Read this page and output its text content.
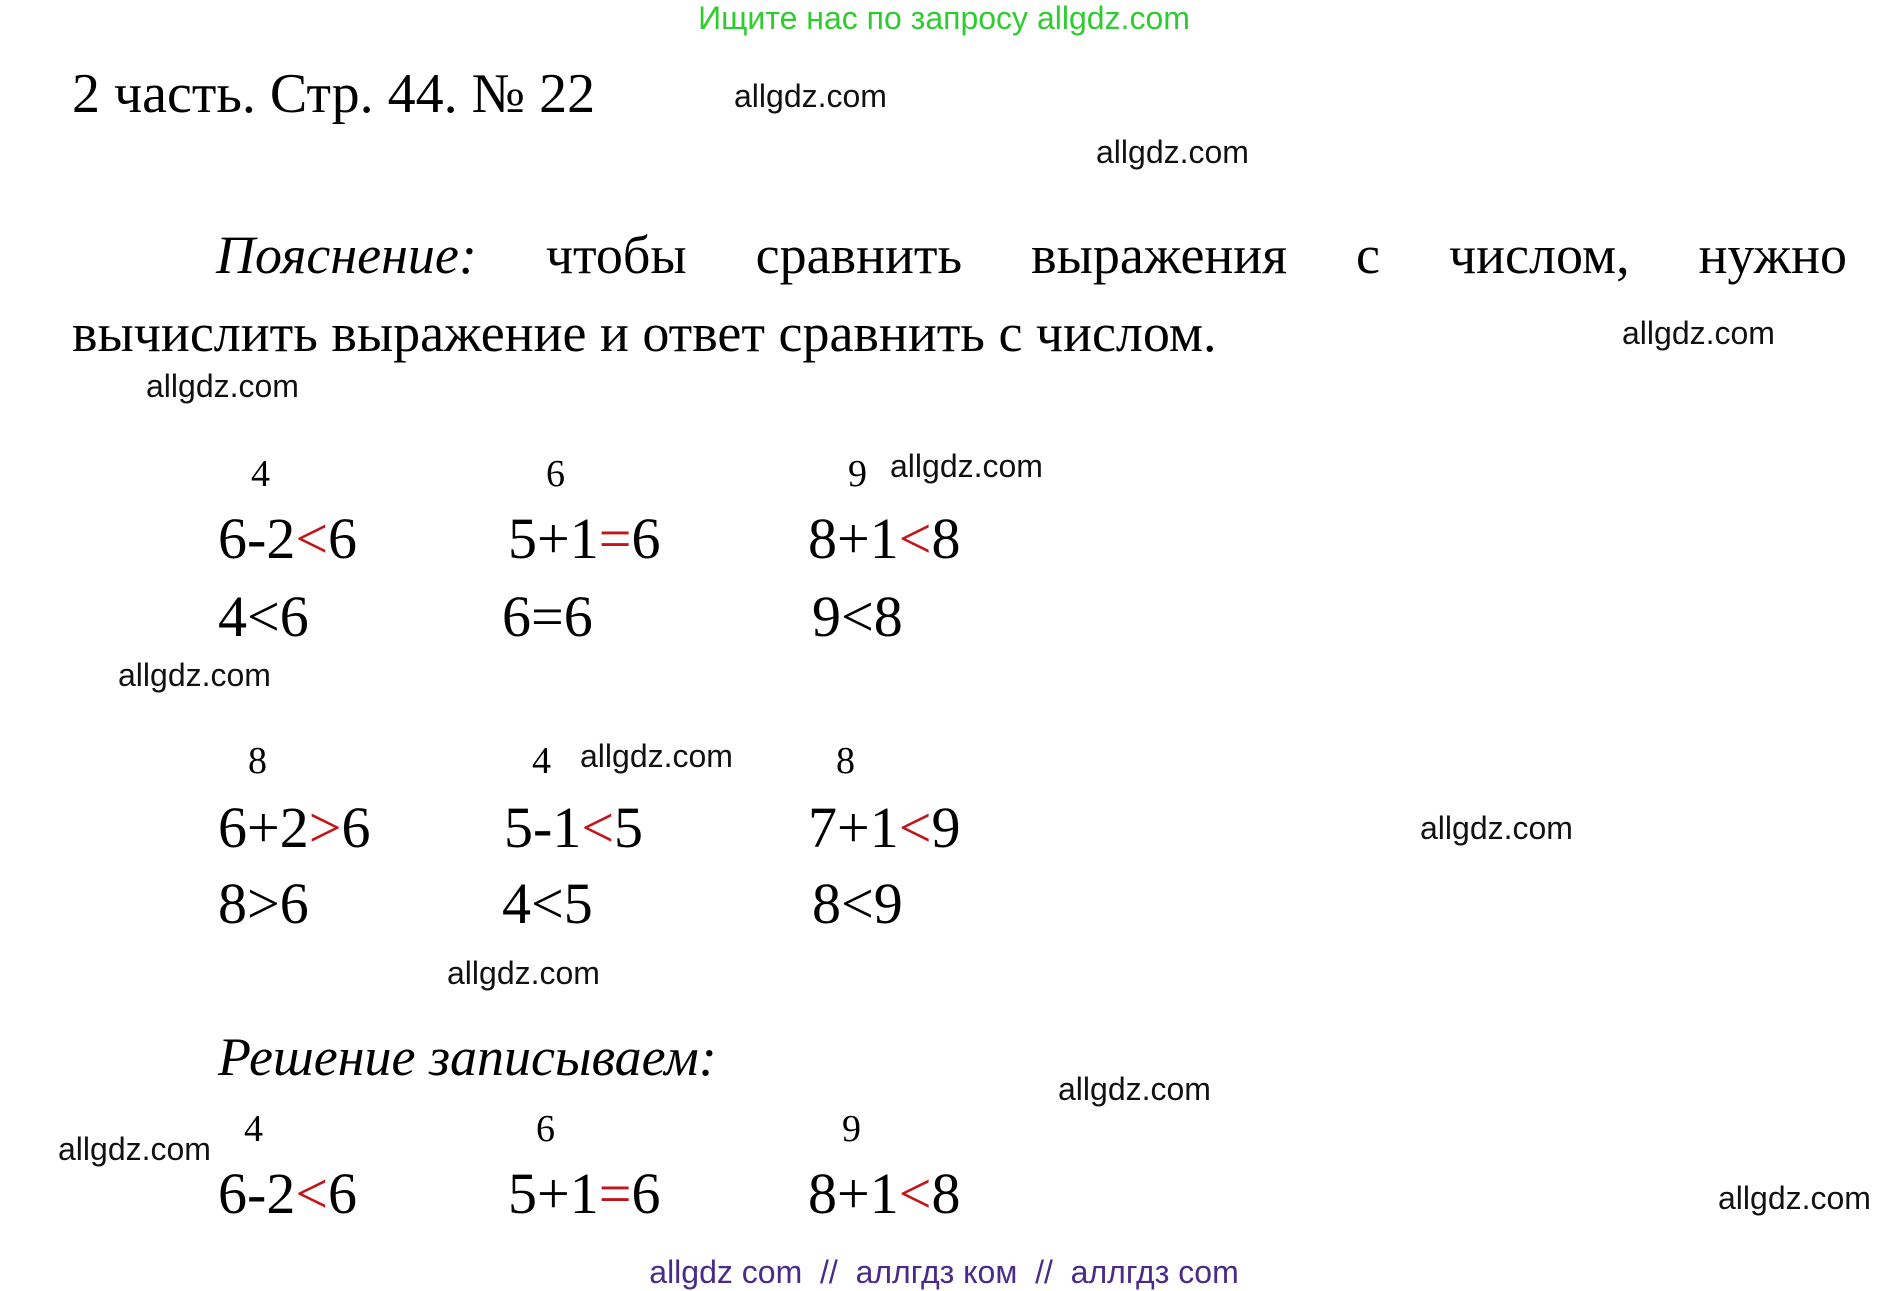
Ищите нас по запросу allgdz.com
2 часть. Стр. 44. № 22
Пояснение: чтобы сравнить выражения с числом, нужно
вычислить выражение и ответ сравнить с числом.
4
6-2<6
4<6
6
5+1=6
6=6
9
8+1<8
9<8
8
6+2>6
8>6
4
5-1<5
4<5
8
7+1<9
8<9
Решение записываем:
4
6-2<6
6
5+1=6
9
8+1<8
allgdz.com
allgdz.com
allgdz.com
allgdz.com
allgdz.com
allgdz.com
allgdz.com
allgdz.com
allgdz.com
allgdz.com
allgdz.com
allgdz.com
allgdz com  //  аллгдз ком  //  аллгдз com
